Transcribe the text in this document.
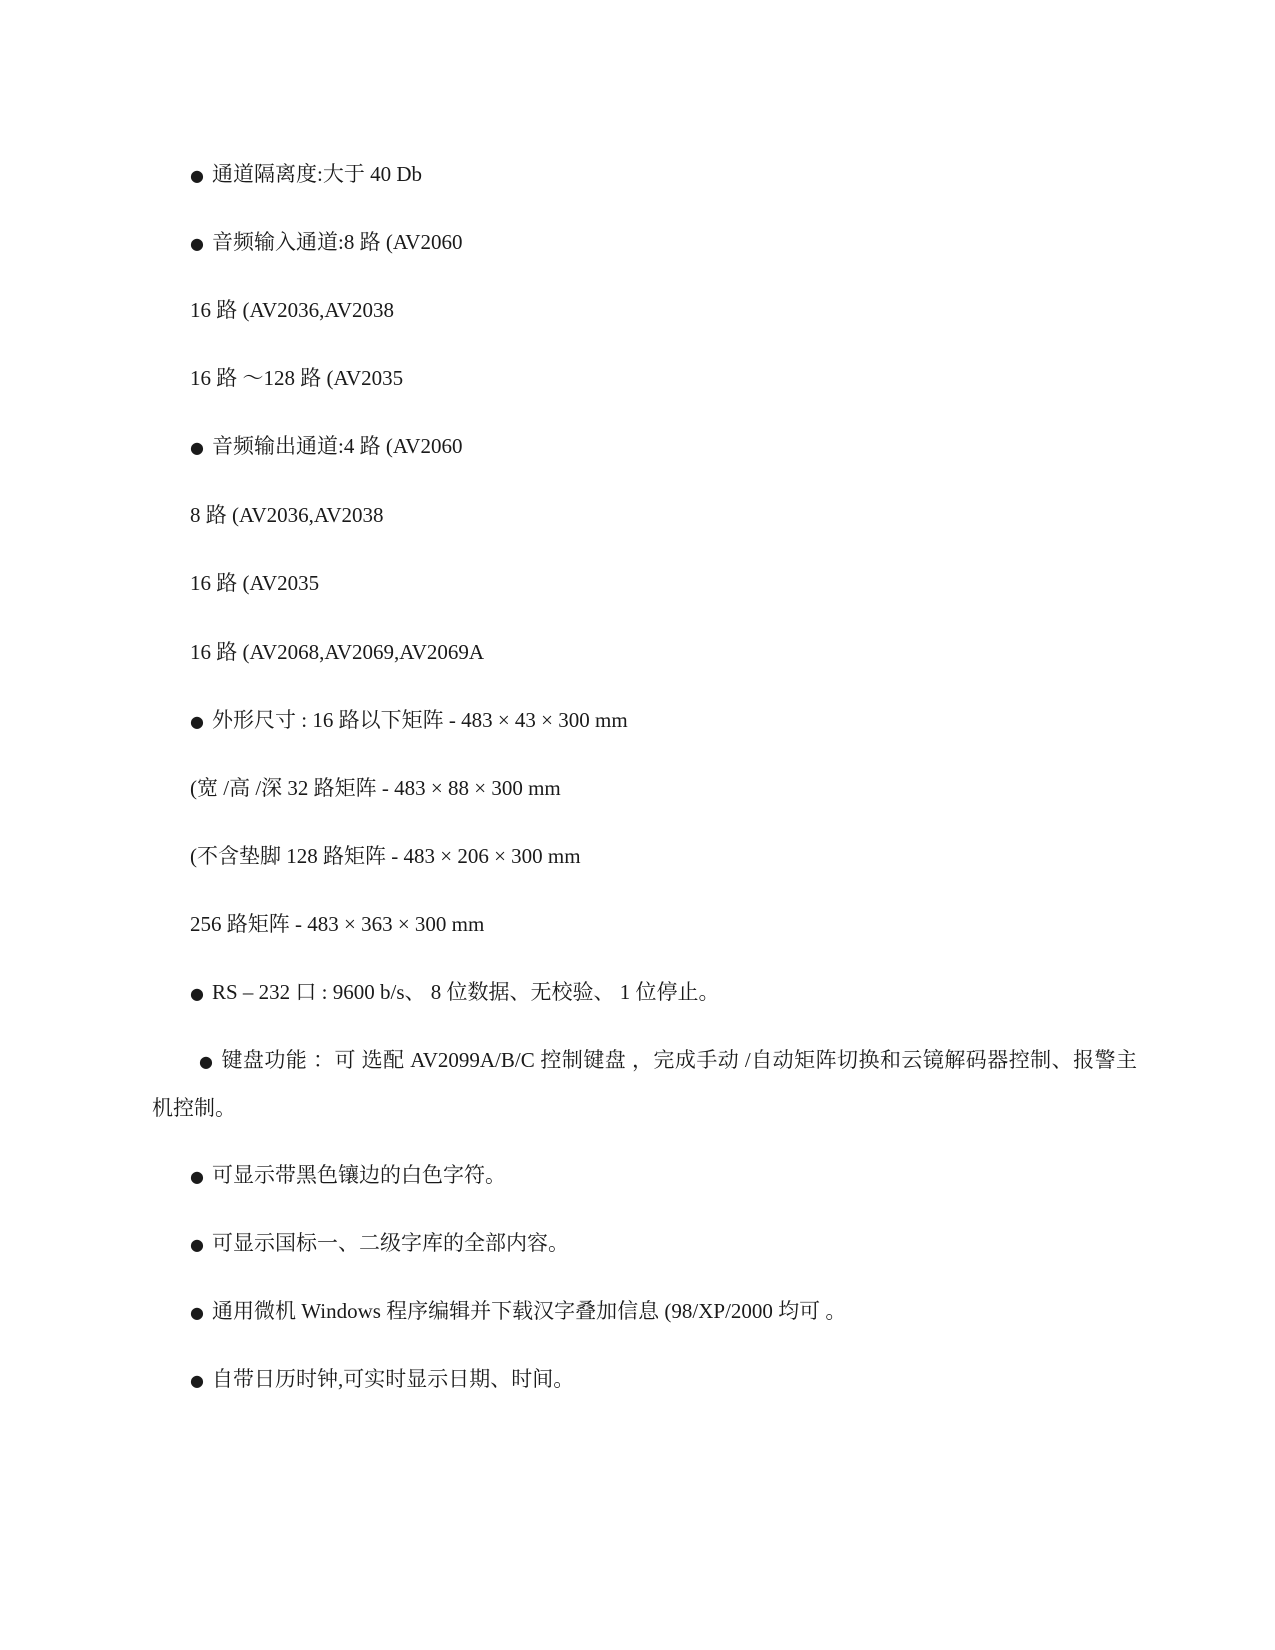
● 通道隔离度:大于 40 Db
● 音频输入通道:8 路 (AV2060
16 路 (AV2036,AV2038
16 路 ～128 路 (AV2035
● 音频输出通道:4 路 (AV2060
8 路 (AV2036,AV2038
16 路 (AV2035
16 路 (AV2068,AV2069,AV2069A
● 外形尺寸 : 16 路以下矩阵 - 483 × 43 × 300 mm
(宽 /高 /深 32 路矩阵 - 483 × 88 × 300 mm
(不含垫脚 128 路矩阵 - 483 × 206 × 300 mm
256 路矩阵 - 483 × 363 × 300 mm
● RS – 232 口 : 9600 b/s、 8 位数据、无校验、 1 位停止。
● 键盘功能 ：可 选配 AV2099A/B/C 控制键盘 ，完成手动 /自动矩阵切换和云镜解码器控制、报警主 机控制。
● 可显示带黑色镶边的白色字符。
● 可显示国标一、二级字库的全部内容。
● 通用微机 Windows 程序编辑并下载汉字叠加信息 (98/XP/2000 均可 。
● 自带日历时钟,可实时显示日期、时间。
